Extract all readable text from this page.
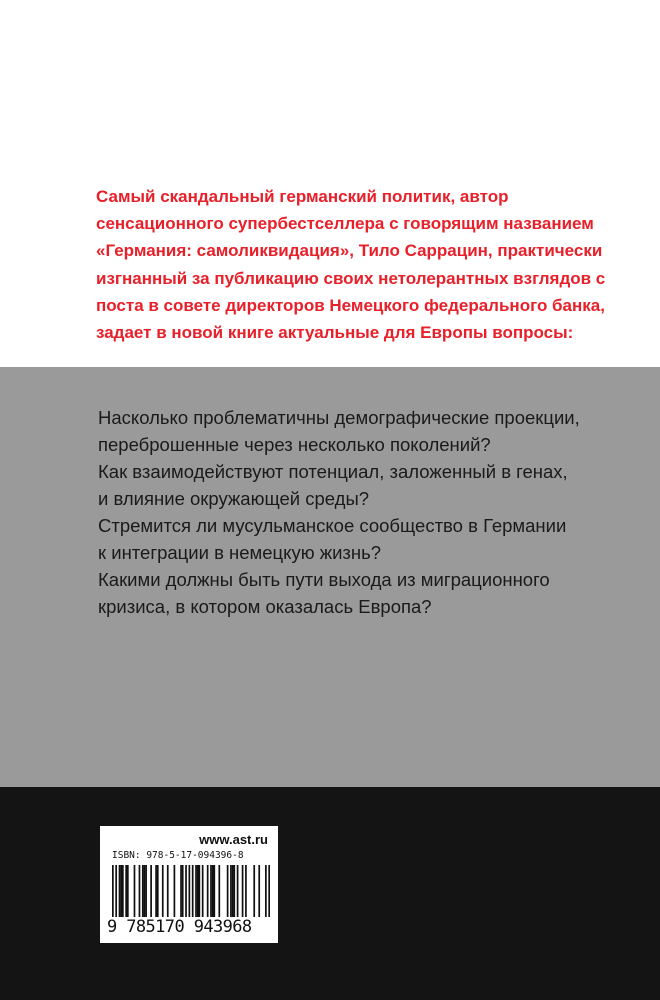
Самый скандальный германский политик, автор
сенсационного супербестселлера с говорящим названием
«Германия: самоликвидация», Тило Саррацин, практически
изгнанный за публикацию своих нетолерантных взглядов с
поста в совете директоров Немецкого федерального банка,
задает в новой книге актуальные для Европы вопросы:

Насколько проблематичны демографические проекции,
переброшенные через несколько поколений?
Как взаимодействуют потенциал, заложенный в генах,
и влияние окружающей среды?
Стремится ли мусульманское сообщество в Германии
к интеграции в немецкую жизнь?
Какими должны быть пути выхода из миграционного
кризиса, в котором оказалась Европа?
www.ast.ru
ISBN: 978-5-17-094396-8
9 785170 943968
